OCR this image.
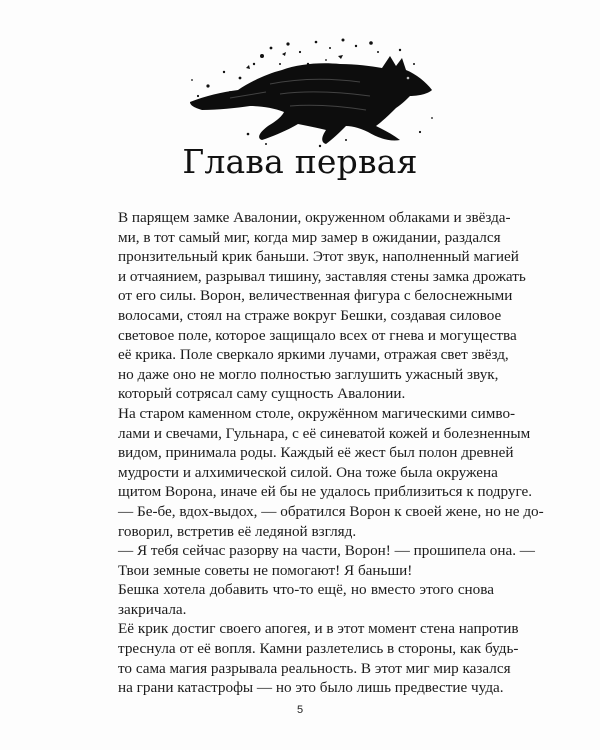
Глава первая
В парящем замке Авалонии, окруженном облаками и звёзда-
ми, в тот самый миг, когда мир замер в ожидании, раздался
пронзительный крик баньши. Этот звук, наполненный магией
и отчаянием, разрывал тишину, заставляя стены замка дрожать
от его силы. Ворон, величественная фигура с белоснежными
волосами, стоял на страже вокруг Бешки, создавая силовое
световое поле, которое защищало всех от гнева и могущества
её крика. Поле сверкало яркими лучами, отражая свет звёзд,
но даже оно не могло полностью заглушить ужасный звук,
который сотрясал саму сущность Авалонии.
На старом каменном столе, окружённом магическими симво-
лами и свечами, Гульнара, с её синеватой кожей и болезненным
видом, принимала роды. Каждый её жест был полон древней
мудрости и алхимической силой. Она тоже была окружена
щитом Ворона, иначе ей бы не удалось приблизиться к подруге.
— Бе-бе, вдох-выдох, — обратился Ворон к своей жене, но не до-
говорил, встретив её ледяной взгляд.
— Я тебя сейчас разорву на части, Ворон! — прошипела она. —
Твои земные советы не помогают! Я баньши!
Бешка хотела добавить что-то ещё, но вместо этого снова
закричала.
Её крик достиг своего апогея, и в этот момент стена напротив
треснула от её вопля. Камни разлетелись в стороны, как будь-
то сама магия разрывала реальность. В этот миг мир казался
на грани катастрофы — но это было лишь предвестие чуда.
5
